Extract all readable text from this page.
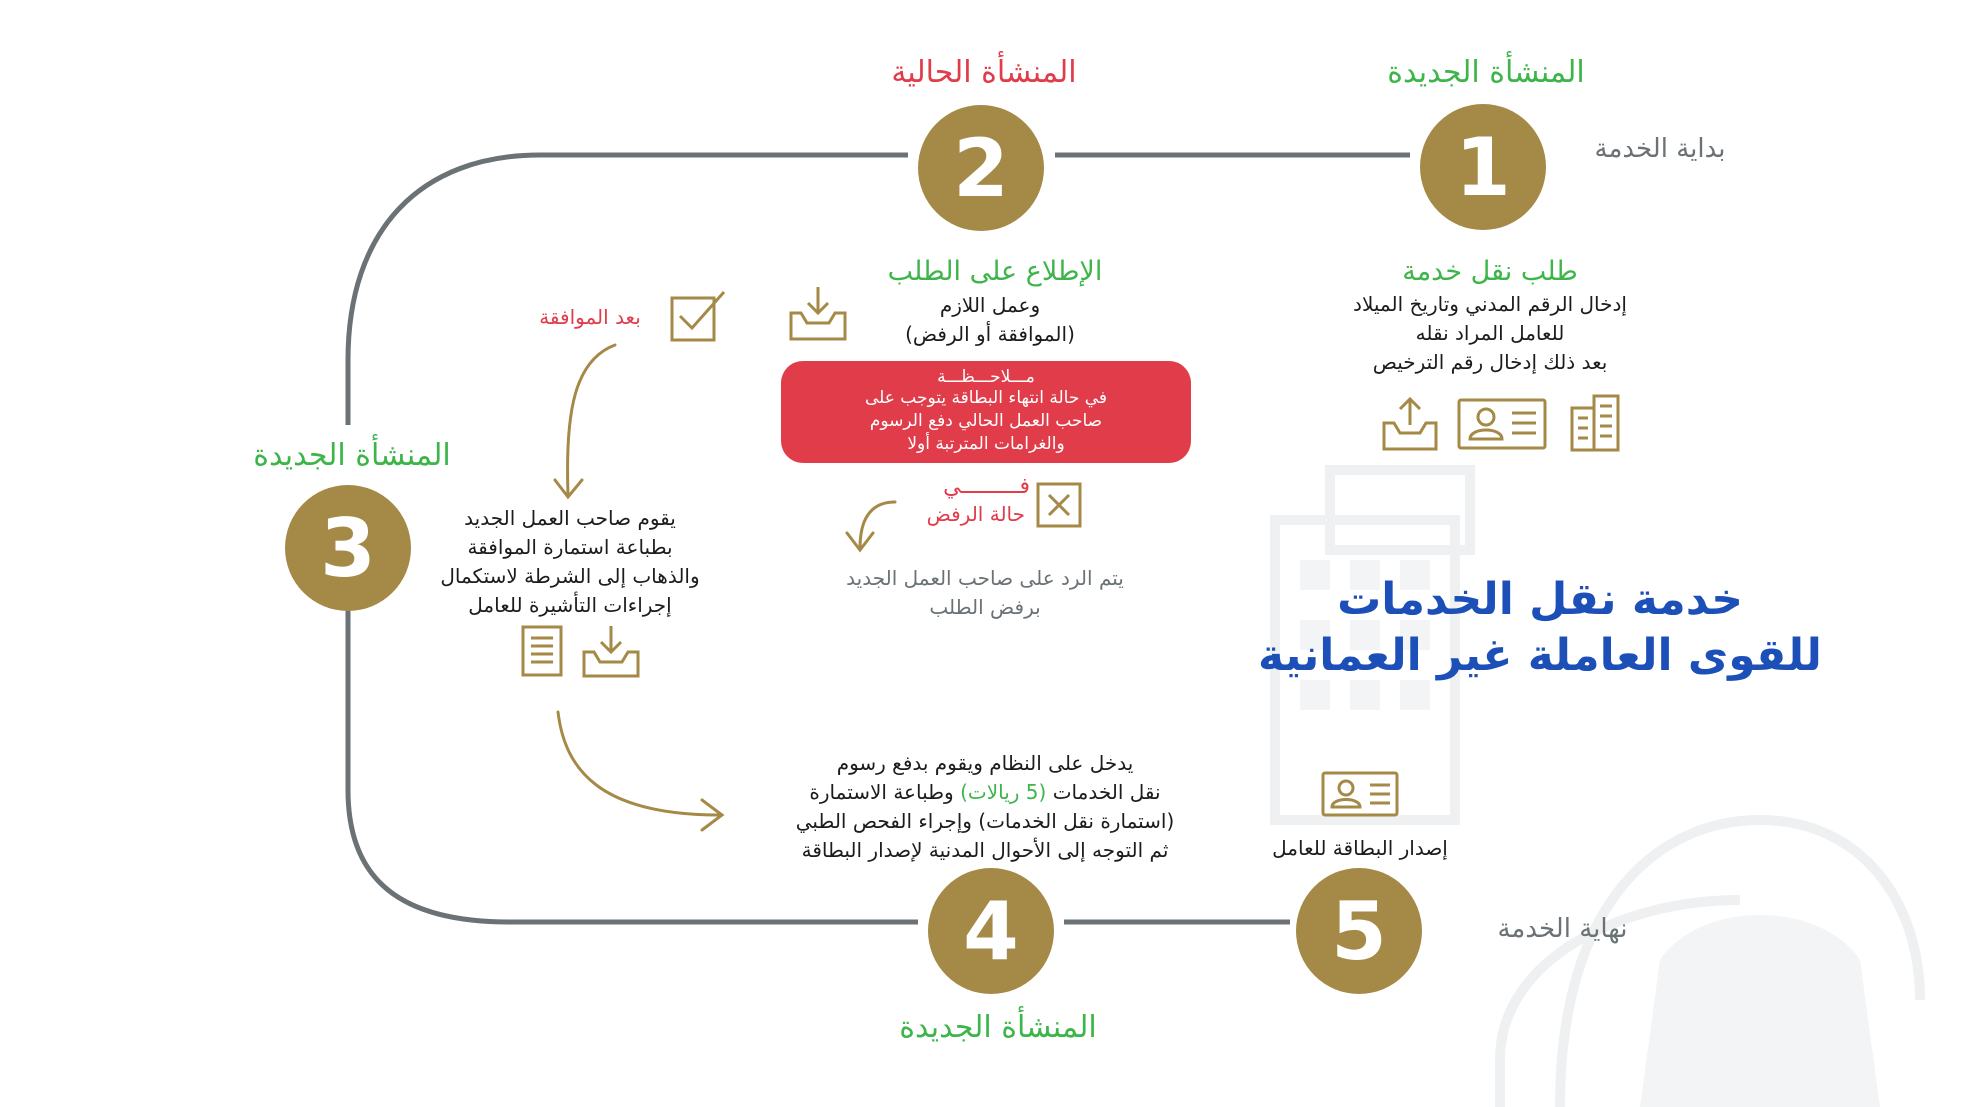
1
2
3
4	5
بداية الخدمة
نهاية الخدمة
المنشأة الجديدة
المنشأة الحالية
المنشأة الجديدة
المنشأة الجديدة
طلب نقل خدمة
إدخال الرقم المدني وتاريخ الميلاد
للعامل المراد نقله
بعد ذلك إدخال رقم الترخيص
الإطلاع على الطلب
وعمل اللازم
(الموافقة أو الرفض)
مـــلاحـــظـــة
في حالة انتهاء البطاقة يتوجب على
صاحب العمل الحالي دفع الرسوم
والغرامات المترتبة أولا
بعد الموافقة
فـــــــــي
حالة الرفض
يتم الرد على صاحب العمل الجديد
برفض الطلب
يقوم صاحب العمل الجديد
بطباعة استمارة الموافقة
والذهاب إلى الشرطة لاستكمال
إجراءات التأشيرة للعامل
يدخل على النظام ويقوم بدفع رسوم
نقل الخدمات (5 ريالات) وطباعة الاستمارة
(استمارة نقل الخدمات) وإجراء الفحص الطبي
ثم التوجه إلى الأحوال المدنية لإصدار البطاقة	إصدار البطاقة للعامل
خدمة نقل الخدمات
للقوى العاملة غير العمانية
